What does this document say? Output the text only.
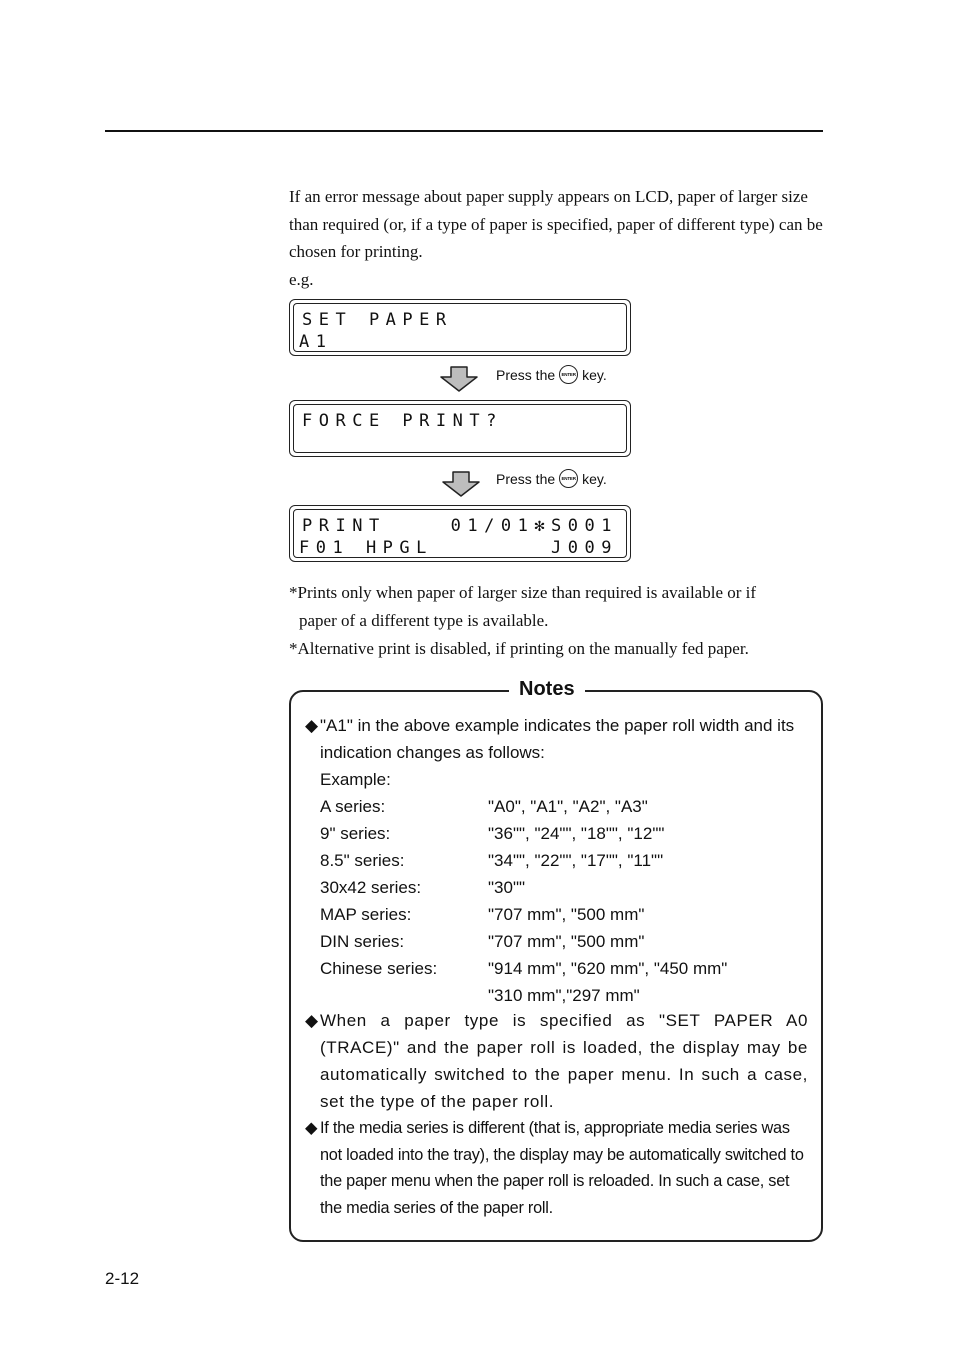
If an error message about paper supply appears on LCD, paper of larger size than required (or, if a type of paper is specified, paper of different type) can be chosen for printing.

e.g.

SET PAPER
A1
Press the	ENTER key.
FORCE PRINT?
Press the	ENTER key.
PRINT	01/01✻S001
F01 HPGL	J009

*Prints only when paper of larger size than required is available or if

paper of a different type is available.

*Alternative print is disabled, if printing on the manually fed paper.

Notes
◆ "A1" in the above example indicates the paper roll width and its indication changes as follows:
Example:
A series:	"A0", "A1", "A2", "A3"
9" series:	"36"", "24"", "18"", "12""
8.5" series:	"34"", "22"", "17"", "11""
30x42 series:	"30""
MAP series:	"707 mm", "500 mm"
DIN series:	"707 mm", "500 mm"
Chinese series:	"914 mm", "620 mm", "450 mm"
"310 mm","297 mm"
◆ When a paper type is specified as "SET PAPER A0 (TRACE)" and the paper roll is loaded, the display may be automatically switched to the paper menu. In such a case, set the type of the paper roll.
◆ If the media series is different (that is, appropriate media series was not loaded into the tray), the display may be automatically switched to the paper menu when the paper roll is reloaded. In such a case, set the media series of the paper roll.
2-12
